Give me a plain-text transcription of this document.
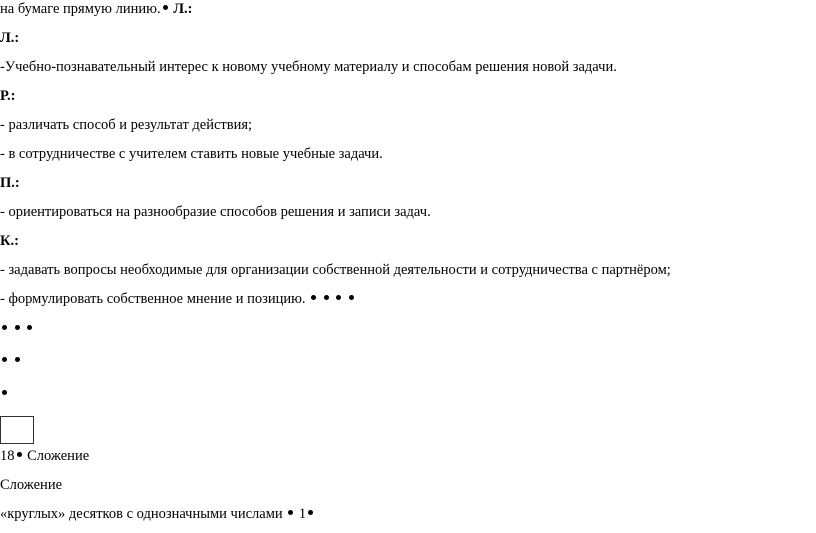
на бумаге прямую линию. Л.:
Л.:
-Учебно-познавательный интерес к новому учебному материалу и способам решения новой задачи.
Р.:
- различать способ и результат действия;
- в сотрудничестве с учителем ставить новые учебные задачи.
П.:
- ориентироваться на разнообразие способов решения и записи задач.
К.:
- задавать вопросы необходимые для организации собственной деятельности и сотрудничества с партнёром;
- формулировать собственное мнение и позицию.

18 Сложение
Сложение
«круглых» десятков с однозначными числами 1
